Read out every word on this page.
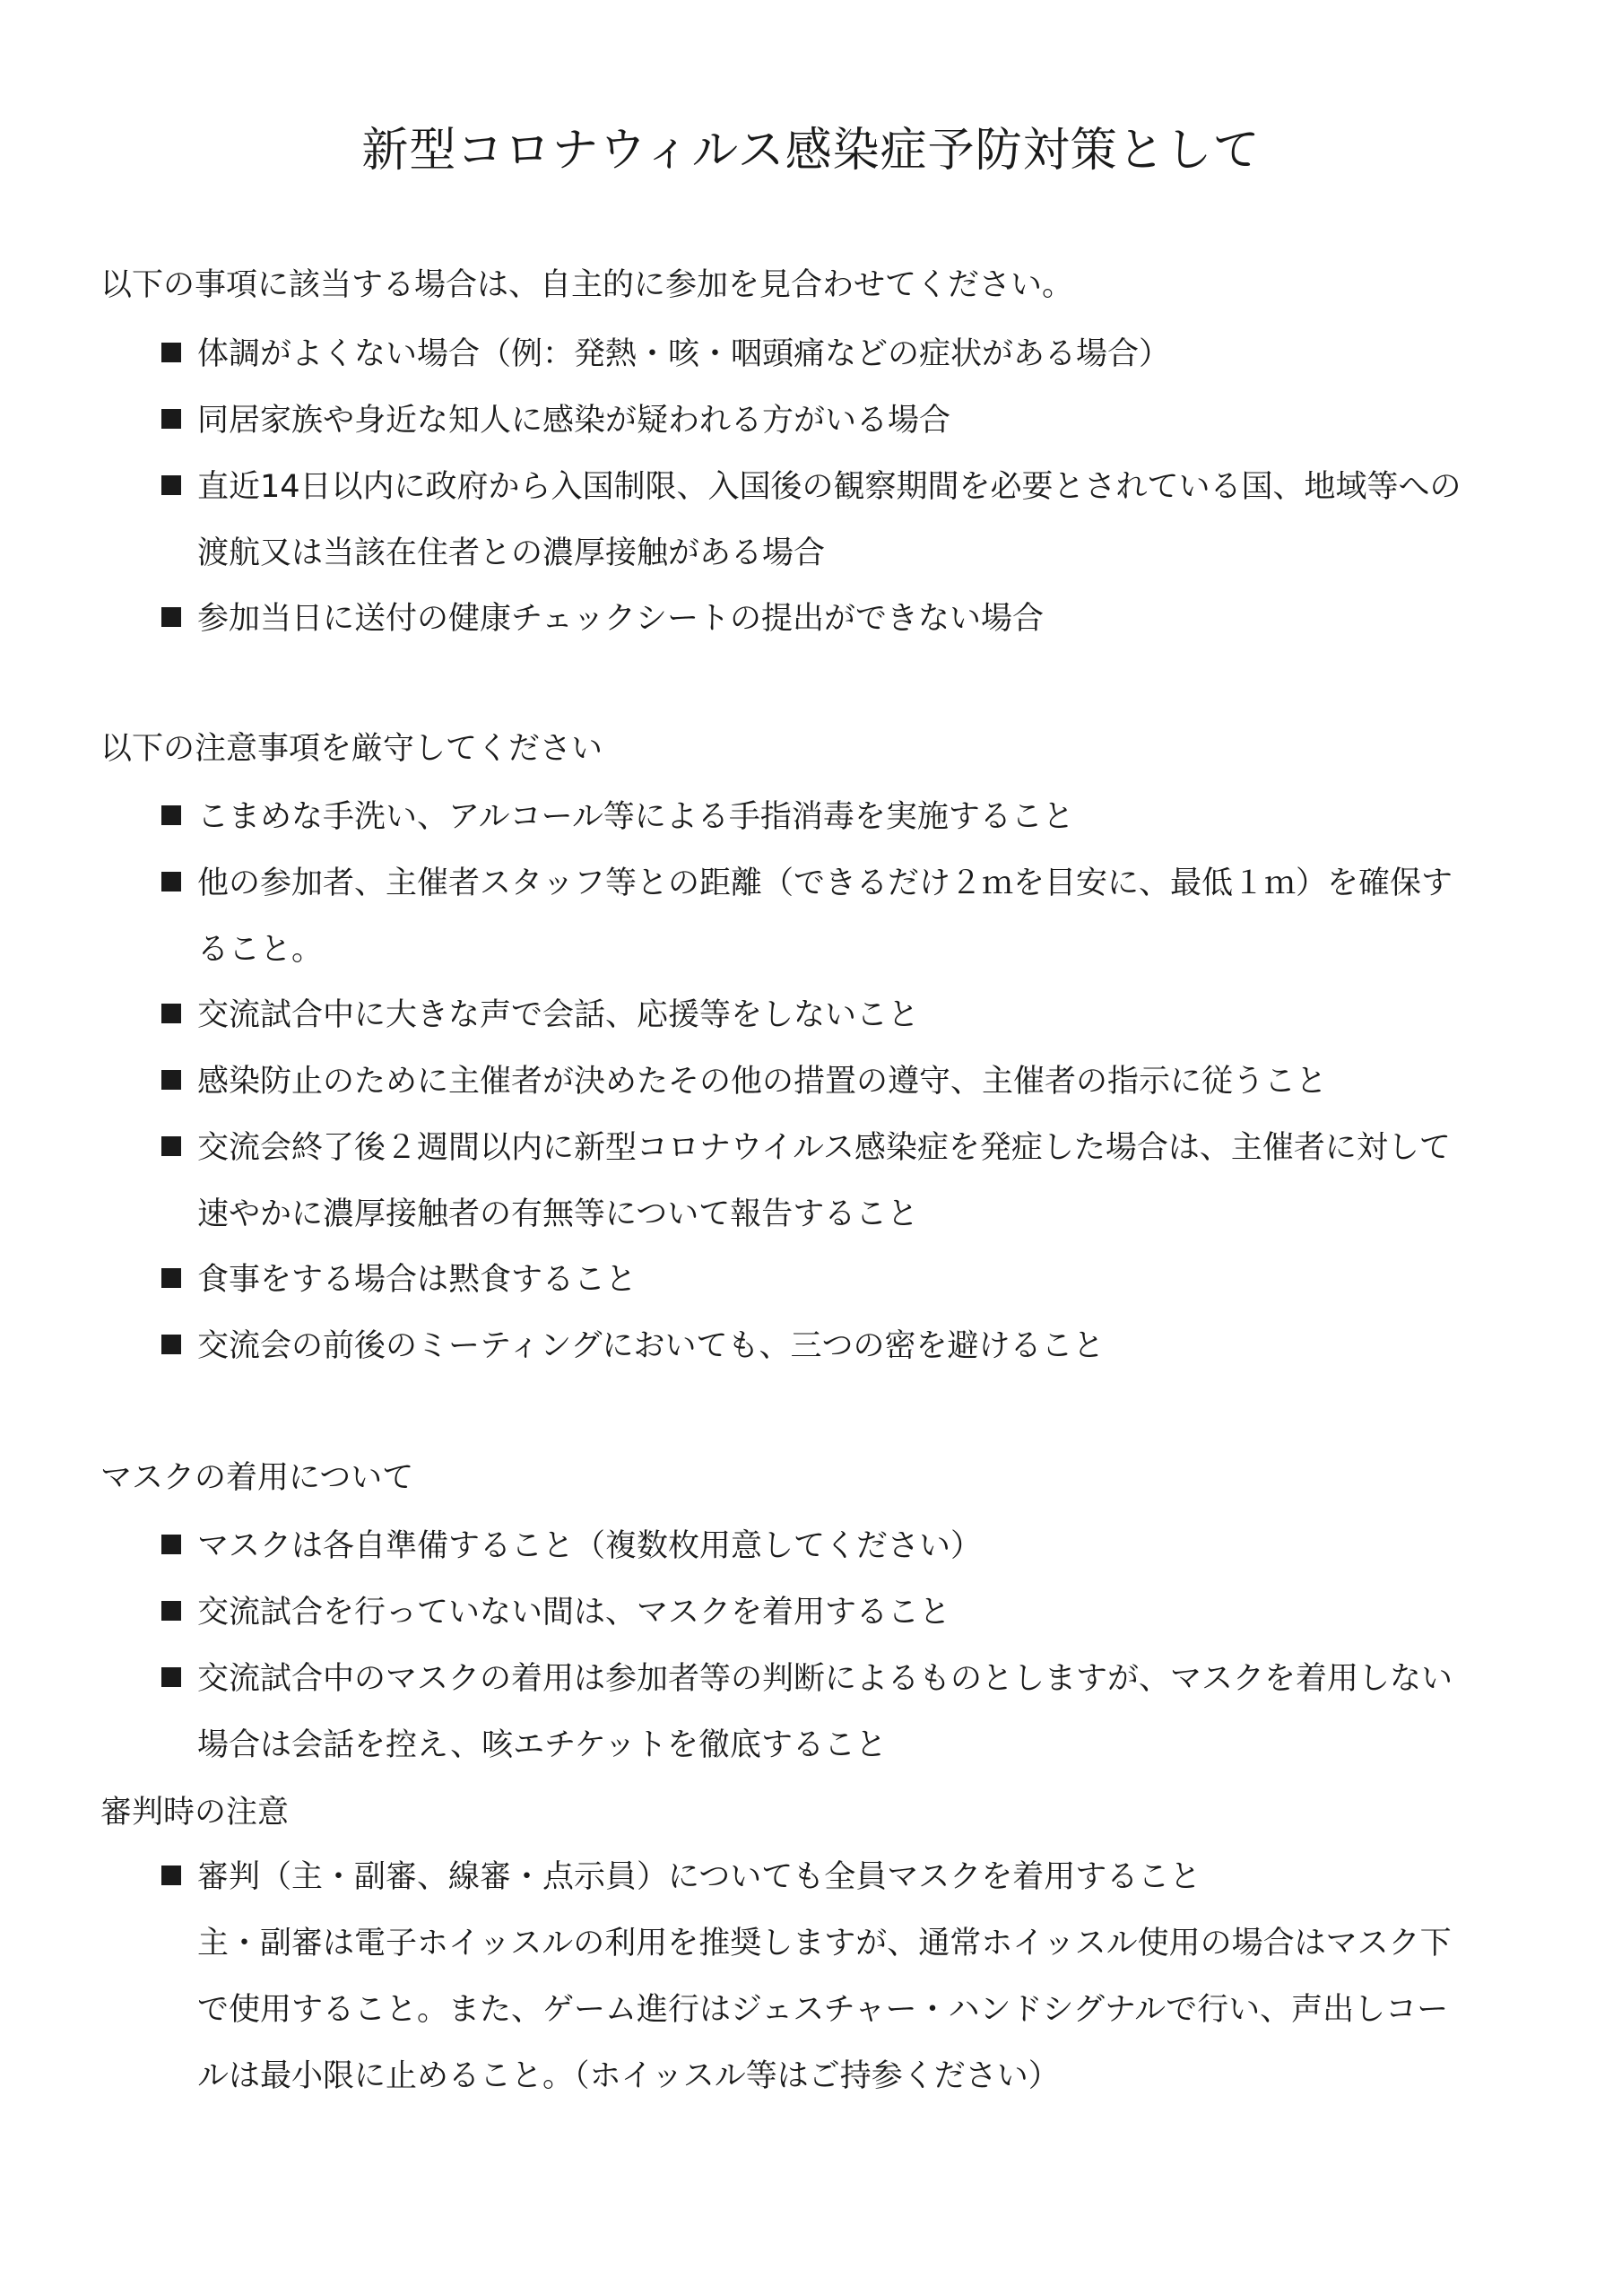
新型コロナウィルス感染症予防対策として

以下の事項に該当する場合は、自主的に参加を見合わせてください。

体調がよくない場合（例：発熱・咳・咽頭痛などの症状がある場合）
同居家族や身近な知人に感染が疑われる方がいる場合
直近14日以内に政府から入国制限、入国後の観察期間を必要とされている国、地域等への
渡航又は当該在住者との濃厚接触がある場合
参加当日に送付の健康チェックシートの提出ができない場合

以下の注意事項を厳守してください

こまめな手洗い、アルコール等による手指消毒を実施すること
他の参加者、主催者スタッフ等との距離（できるだけ２ｍを目安に、最低１ｍ）を確保す
ること。
交流試合中に大きな声で会話、応援等をしないこと
感染防止のために主催者が決めたその他の措置の遵守、主催者の指示に従うこと
交流会終了後２週間以内に新型コロナウイルス感染症を発症した場合は、主催者に対して
速やかに濃厚接触者の有無等について報告すること
食事をする場合は黙食すること
交流会の前後のミーティングにおいても、三つの密を避けること

マスクの着用について

マスクは各自準備すること（複数枚用意してください）
交流試合を行っていない間は、マスクを着用すること
交流試合中のマスクの着用は参加者等の判断によるものとしますが、マスクを着用しない
場合は会話を控え、咳エチケットを徹底すること

審判時の注意

審判（主・副審、線審・点示員）についても全員マスクを着用すること
主・副審は電子ホイッスルの利用を推奨しますが、通常ホイッスル使用の場合はマスク下
で使用すること。また、ゲーム進行はジェスチャー・ハンドシグナルで行い、声出しコー
ルは最小限に止めること。（ホイッスル等はご持参ください）
